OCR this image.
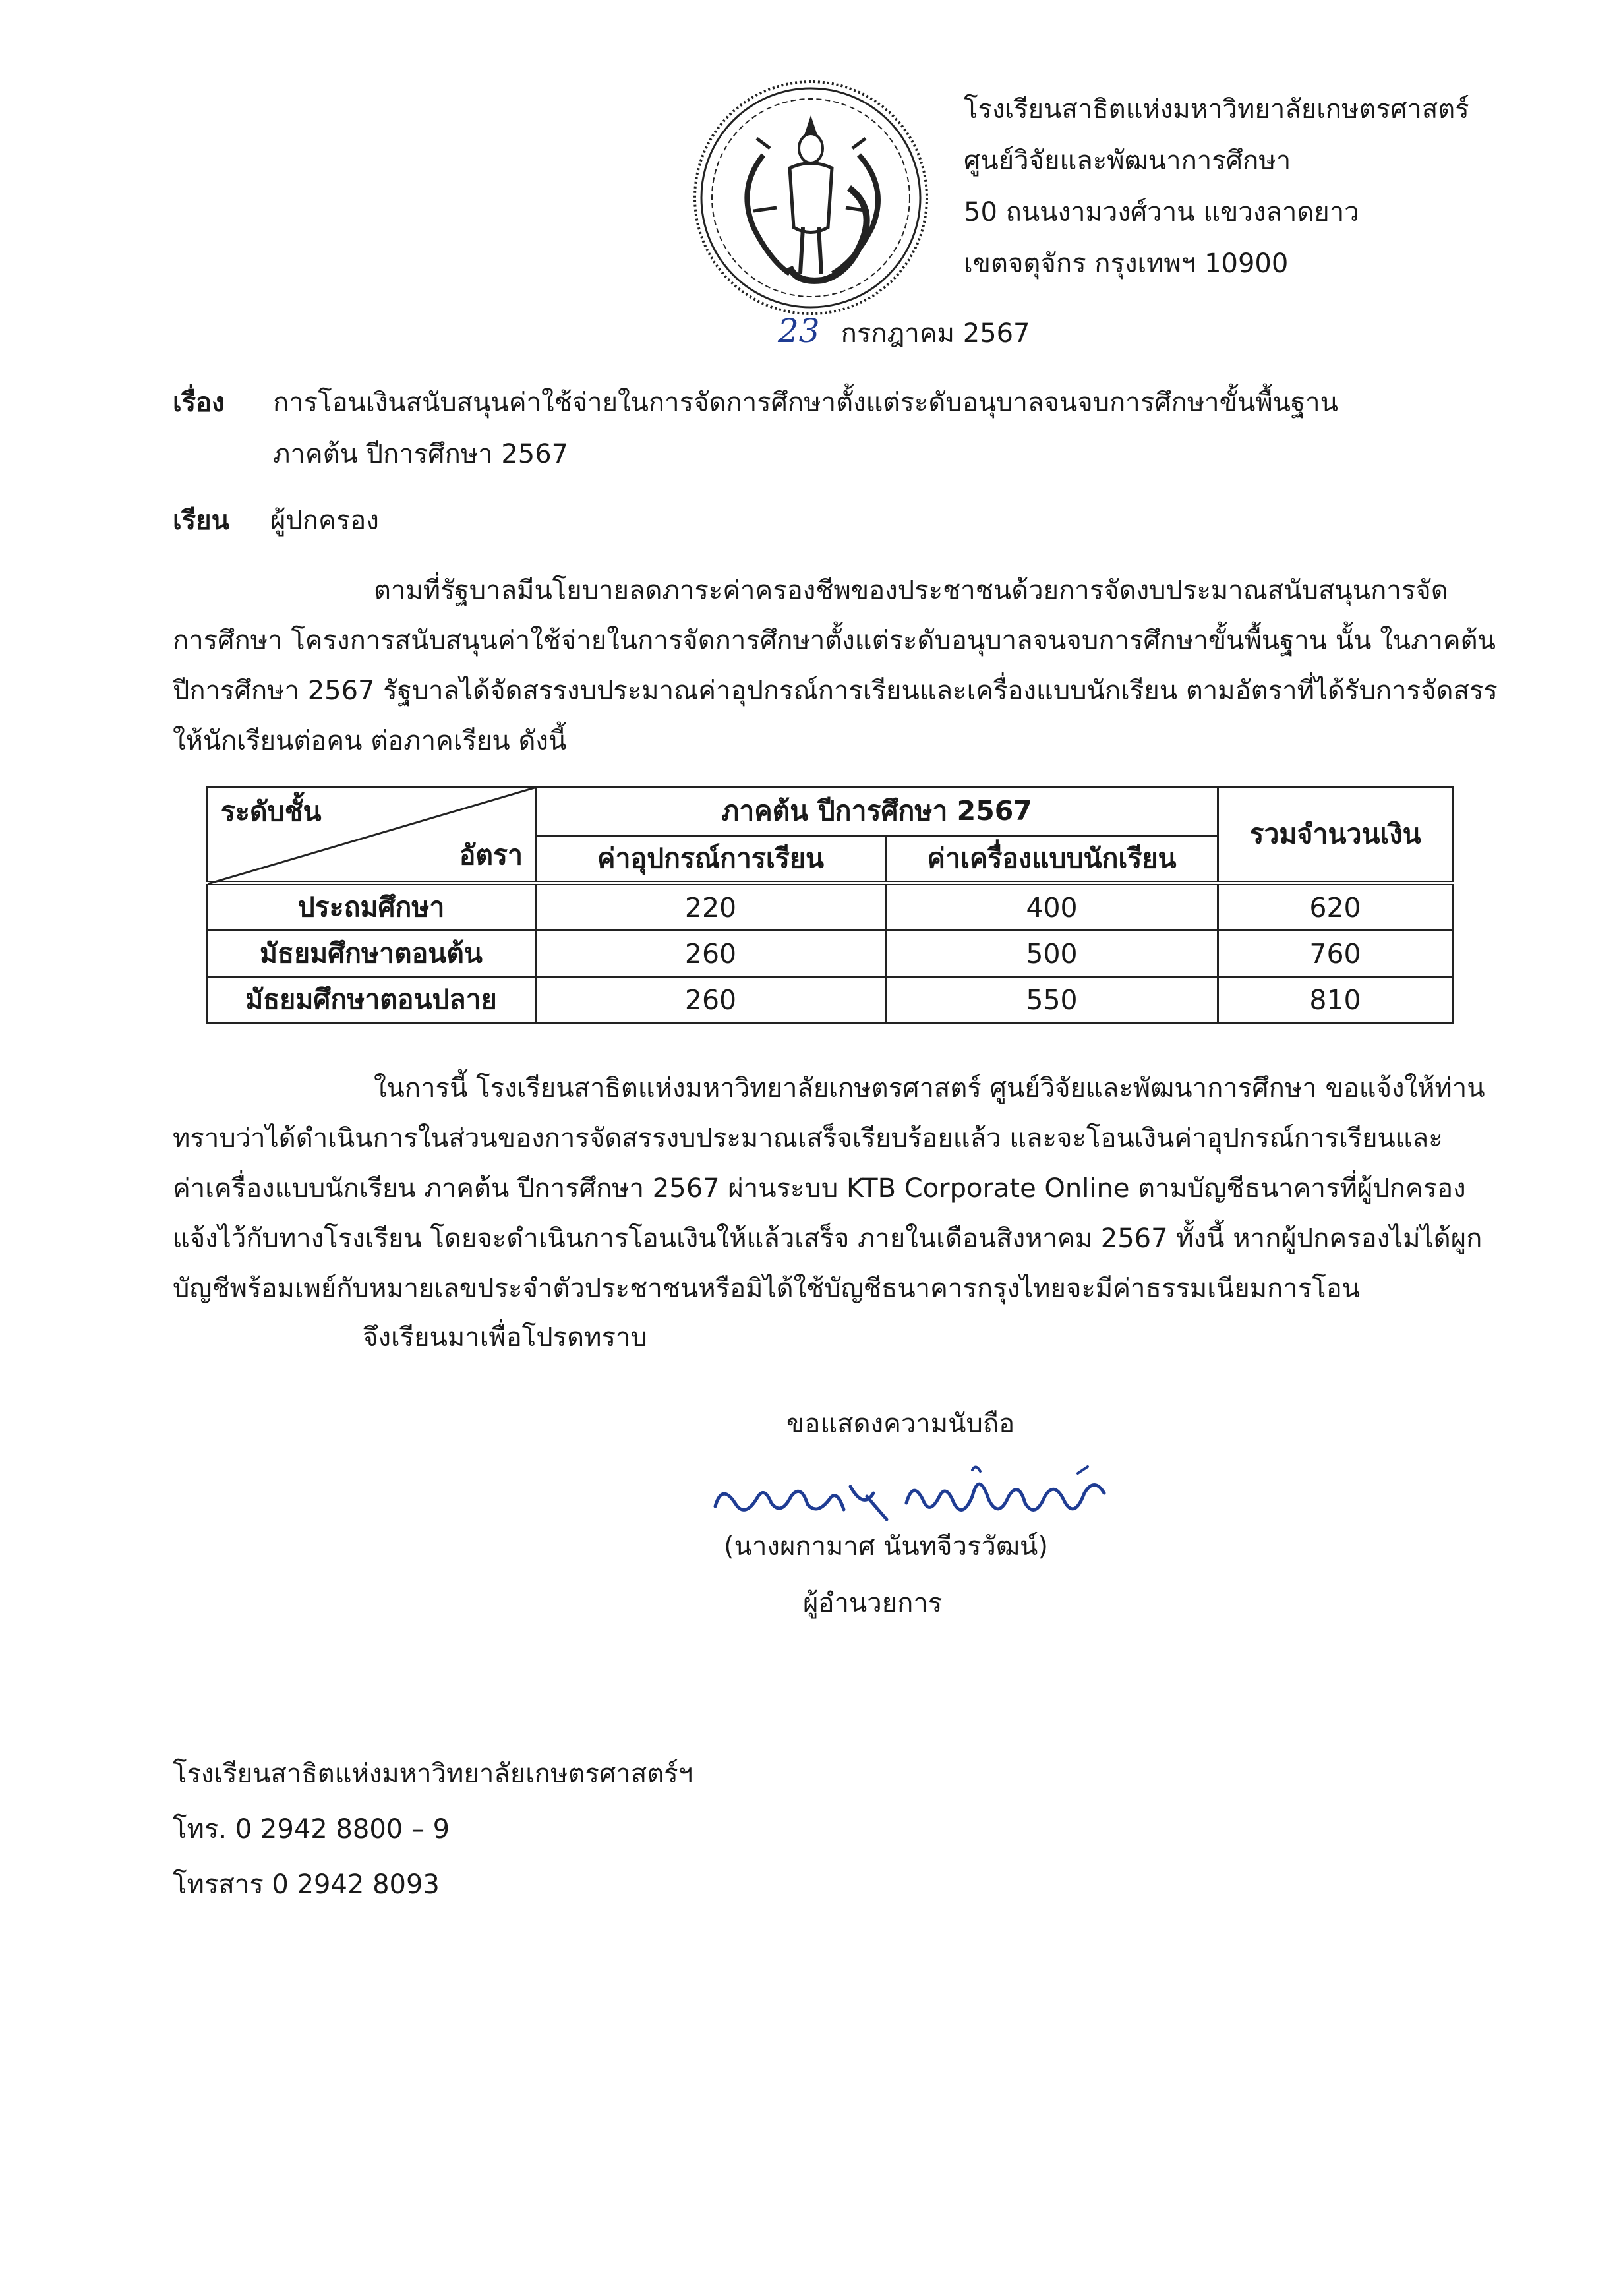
โรงเรียนสาธิตแห่งมหาวิทยาลัยเกษตรศาสตร์
ศูนย์วิจัยและพัฒนาการศึกษา
50 ถนนงามวงศ์วาน แขวงลาดยาว
เขตจตุจักร กรุงเทพฯ 10900
23 กรกฎาคม 2567
เรื่อง การโอนเงินสนับสนุนค่าใช้จ่ายในการจัดการศึกษาตั้งแต่ระดับอนุบาลจนจบการศึกษาขั้นพื้นฐาน
ภาคต้น ปีการศึกษา 2567
เรียน ผู้ปกครอง
ตามที่รัฐบาลมีนโยบายลดภาระค่าครองชีพของประชาชนด้วยการจัดงบประมาณสนับสนุนการจัด
การศึกษา โครงการสนับสนุนค่าใช้จ่ายในการจัดการศึกษาตั้งแต่ระดับอนุบาลจนจบการศึกษาขั้นพื้นฐาน นั้น ในภาคต้น
ปีการศึกษา 2567 รัฐบาลได้จัดสรรงบประมาณค่าอุปกรณ์การเรียนและเครื่องแบบนักเรียน ตามอัตราที่ได้รับการจัดสรร
ให้นักเรียนต่อคน ต่อภาคเรียน ดังนี้
ระดับชั้น
อัตรา	ภาคต้น ปีการศึกษา 2567		รวมจำนวนเงิน
	ค่าอุปกรณ์การเรียน	ค่าเครื่องแบบนักเรียน	
ประถมศึกษา	220	400	620
มัธยมศึกษาตอนต้น	260	500	760
มัธยมศึกษาตอนปลาย	260	550	810
ในการนี้ โรงเรียนสาธิตแห่งมหาวิทยาลัยเกษตรศาสตร์ ศูนย์วิจัยและพัฒนาการศึกษา ขอแจ้งให้ท่าน
ทราบว่าได้ดำเนินการในส่วนของการจัดสรรงบประมาณเสร็จเรียบร้อยแล้ว และจะโอนเงินค่าอุปกรณ์การเรียนและ
ค่าเครื่องแบบนักเรียน ภาคต้น ปีการศึกษา 2567 ผ่านระบบ KTB Corporate Online ตามบัญชีธนาคารที่ผู้ปกครอง
แจ้งไว้กับทางโรงเรียน โดยจะดำเนินการโอนเงินให้แล้วเสร็จ ภายในเดือนสิงหาคม 2567 ทั้งนี้ หากผู้ปกครองไม่ได้ผูก
บัญชีพร้อมเพย์กับหมายเลขประจำตัวประชาชนหรือมิได้ใช้บัญชีธนาคารกรุงไทยจะมีค่าธรรมเนียมการโอน
จึงเรียนมาเพื่อโปรดทราบ
ขอแสดงความนับถือ
(นางผกามาศ นันทจีวรวัฒน์)
ผู้อำนวยการ
โรงเรียนสาธิตแห่งมหาวิทยาลัยเกษตรศาสตร์ฯ
โทร. 0 2942 8800 – 9
โทรสาร 0 2942 8093
